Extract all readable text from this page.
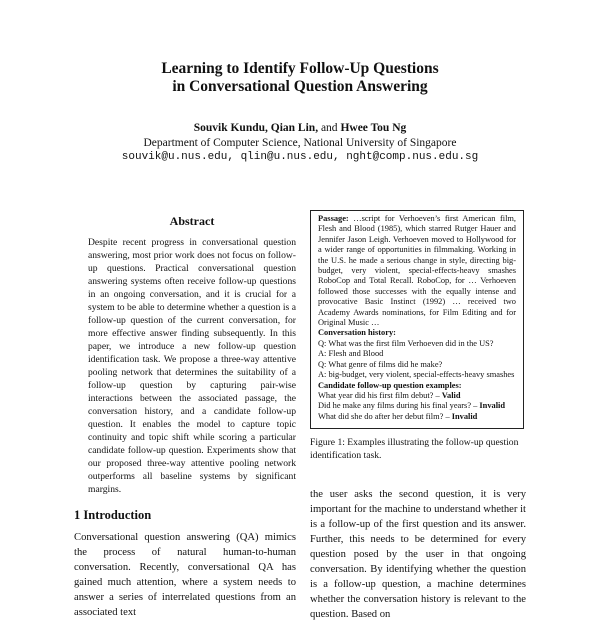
Learning to Identify Follow-Up Questions
in Conversational Question Answering
Souvik Kundu, Qian Lin, and Hwee Tou Ng
Department of Computer Science, National University of Singapore
souvik@u.nus.edu, qlin@u.nus.edu, nght@comp.nus.edu.sg
Abstract
Despite recent progress in conversational question answering, most prior work does not focus on follow-up questions. Practical conversational question answering systems often receive follow-up questions in an ongoing conversation, and it is crucial for a system to be able to determine whether a question is a follow-up question of the current conversation, for more effective answer finding subsequently. In this paper, we introduce a new follow-up question identification task. We propose a three-way attentive pooling network that determines the suitability of a follow-up question by capturing pair-wise interactions between the associated passage, the conversation history, and a candidate follow-up question. It enables the model to capture topic continuity and topic shift while scoring a particular candidate follow-up question. Experiments show that our proposed three-way attentive pooling network outperforms all baseline systems by significant margins.
1 Introduction
Conversational question answering (QA) mimics the process of natural human-to-human conversation. Recently, conversational QA has gained much attention, where a system needs to answer a series of interrelated questions from an associated text

Passage: …script for Verhoeven’s first American film, Flesh and Blood (1985), which starred Rutger Hauer and Jennifer Jason Leigh. Verhoeven moved to Hollywood for a wider range of opportunities in filmmaking. Working in the U.S. he made a serious change in style, directing big-budget, very violent, special-effects-heavy smashes RoboCop and Total Recall. RoboCop, for … Verhoeven followed those successes with the equally intense and provocative Basic Instinct (1992) … received two Academy Awards nominations, for Film Editing and for Original Music …

Conversation history:

Q: What was the first film Verhoeven did in the US?

A: Flesh and Blood

Q: What genre of films did he make?

A: big-budget, very violent, special-effects-heavy smashes

Candidate follow-up question examples:

What year did his first film debut? – Valid

Did he make any films during his final years? – Invalid

What did she do after her debut film? – Invalid

Figure 1: Examples illustrating the follow-up question identification task.
the user asks the second question, it is very important for the machine to understand whether it is a follow-up of the first question and its answer. Further, this needs to be determined for every question posed by the user in that ongoing conversation. By identifying whether the question is a follow-up question, a machine determines whether the conversation history is relevant to the question. Based on
